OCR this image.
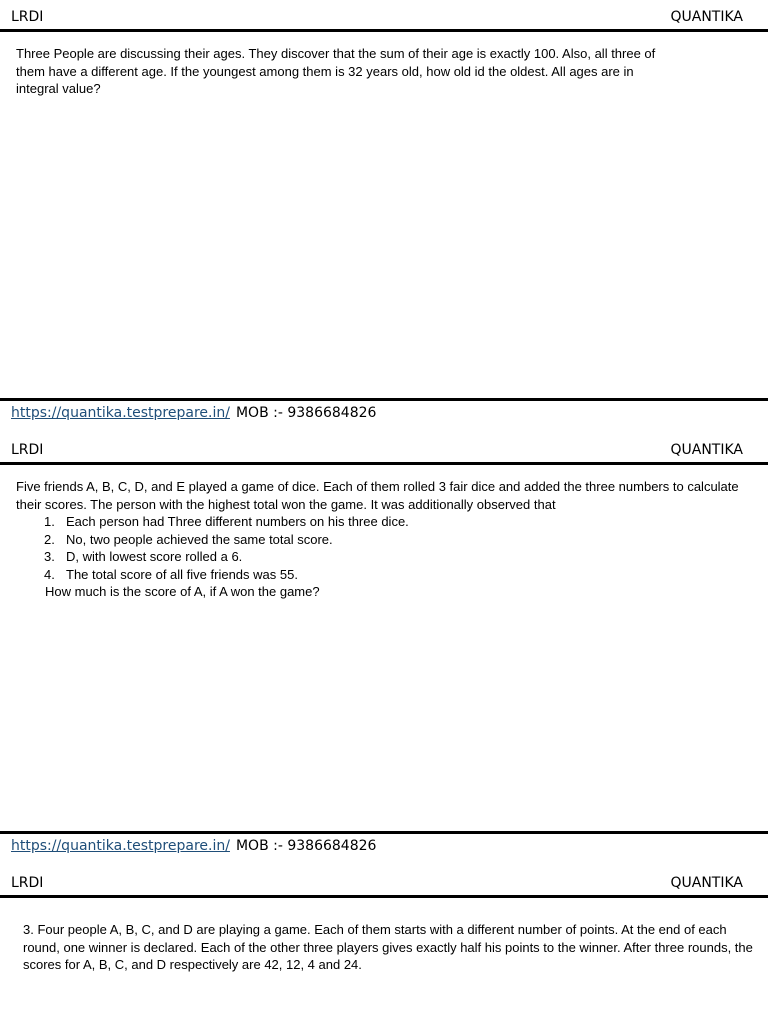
LRDI	QUANTIKA
Three People are discussing their ages. They discover that the sum of their age is exactly 100. Also, all three of them have a different age. If the youngest among them is 32 years old, how old id the oldest. All ages are in integral value?
https://quantika.testprepare.in/ MOB :- 9386684826
LRDI	QUANTIKA
Five friends A, B, C, D, and E played a game of dice. Each of them rolled 3 fair dice and added the three numbers to calculate their scores. The person with the highest total won the game. It was additionally observed that
1. Each person had Three different numbers on his three dice.
2. No, two people achieved the same total score.
3. D, with lowest score rolled a 6.
4. The total score of all five friends was 55.
How much is the score of A, if A won the game?
https://quantika.testprepare.in/ MOB :- 9386684826
LRDI	QUANTIKA
3. Four people A, B, C, and D are playing a game. Each of them starts with a different number of points. At the end of each round, one winner is declared. Each of the other three players gives exactly half his points to the winner. After three rounds, the scores for A, B, C, and D respectively are 42, 12, 4 and 24.
